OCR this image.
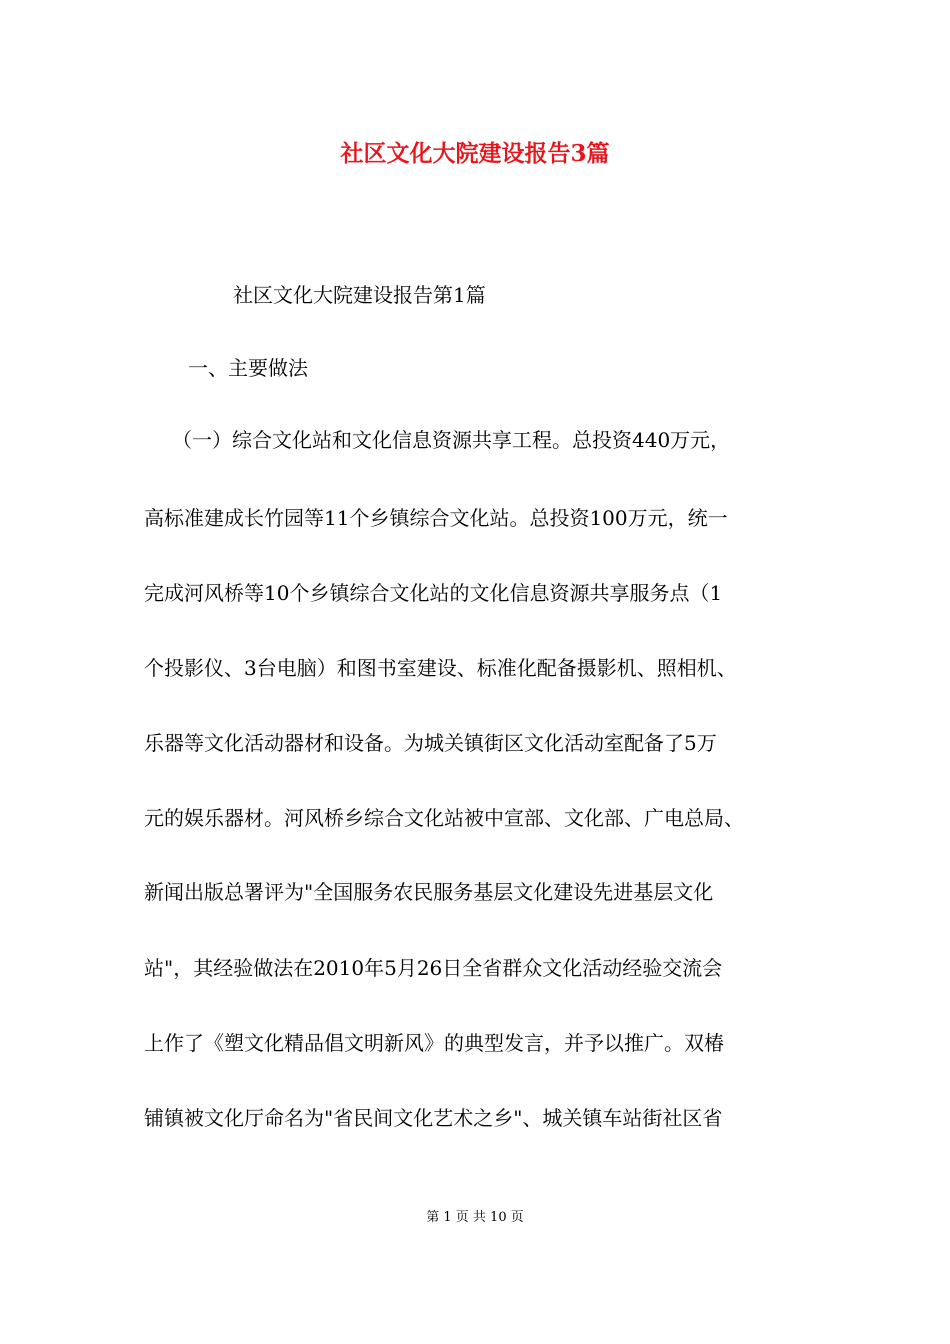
社区文化大院建设报告3篇
社区文化大院建设报告第1篇
一、主要做法
（一）综合文化站和文化信息资源共享工程。总投资440万元，
高标准建成长竹园等11个乡镇综合文化站。总投资100万元，统一
完成河风桥等10个乡镇综合文化站的文化信息资源共享服务点（1
个投影仪、3台电脑）和图书室建设、标准化配备摄影机、照相机、
乐器等文化活动器材和设备。为城关镇街区文化活动室配备了5万
元的娱乐器材。河风桥乡综合文化站被中宣部、文化部、广电总局、
新闻出版总署评为"全国服务农民服务基层文化建设先进基层文化
站"，其经验做法在2010年5月26日全省群众文化活动经验交流会
上作了《塑文化精品倡文明新风》的典型发言，并予以推广。双椿
铺镇被文化厅命名为"省民间文化艺术之乡"、城关镇车站街社区省
第 1 页 共 10 页
